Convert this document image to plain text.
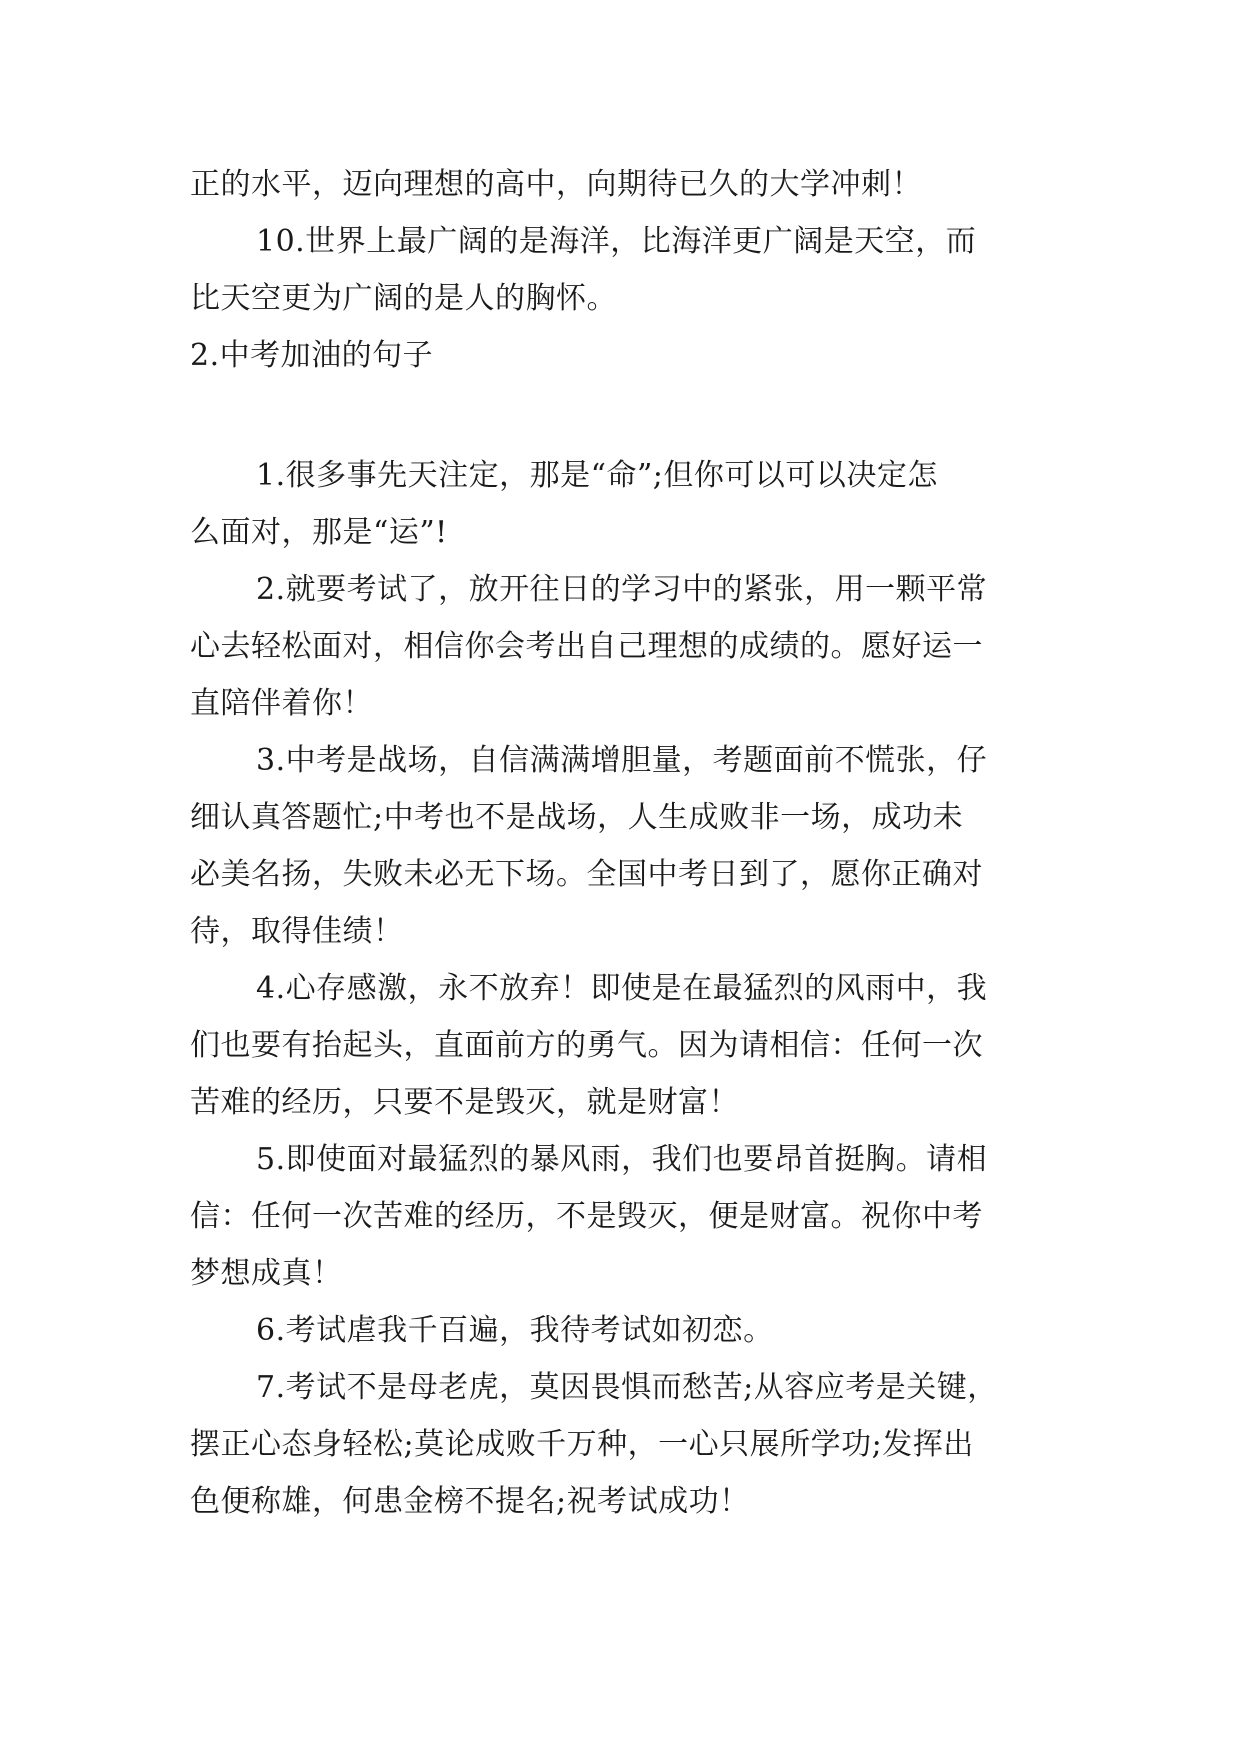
正的水平，迈向理想的高中，向期待已久的大学冲刺！
10.世界上最广阔的是海洋，比海洋更广阔是天空，而
比天空更为广阔的是人的胸怀。
2.中考加油的句子
1.很多事先天注定，那是“命”;但你可以可以决定怎
么面对，那是“运”!
2.就要考试了，放开往日的学习中的紧张，用一颗平常
心去轻松面对，相信你会考出自己理想的成绩的。愿好运一
直陪伴着你！
3.中考是战场，自信满满增胆量，考题面前不慌张，仔
细认真答题忙;中考也不是战场，人生成败非一场，成功未
必美名扬，失败未必无下场。全国中考日到了，愿你正确对
待，取得佳绩！
4.心存感激，永不放弃！即使是在最猛烈的风雨中，我
们也要有抬起头，直面前方的勇气。因为请相信：任何一次
苦难的经历，只要不是毁灭，就是财富！
5.即使面对最猛烈的暴风雨，我们也要昂首挺胸。请相
信：任何一次苦难的经历，不是毁灭，便是财富。祝你中考
梦想成真！
6.考试虐我千百遍，我待考试如初恋。
7.考试不是母老虎，莫因畏惧而愁苦;从容应考是关键，
摆正心态身轻松;莫论成败千万种，一心只展所学功;发挥出
色便称雄，何患金榜不提名;祝考试成功！
